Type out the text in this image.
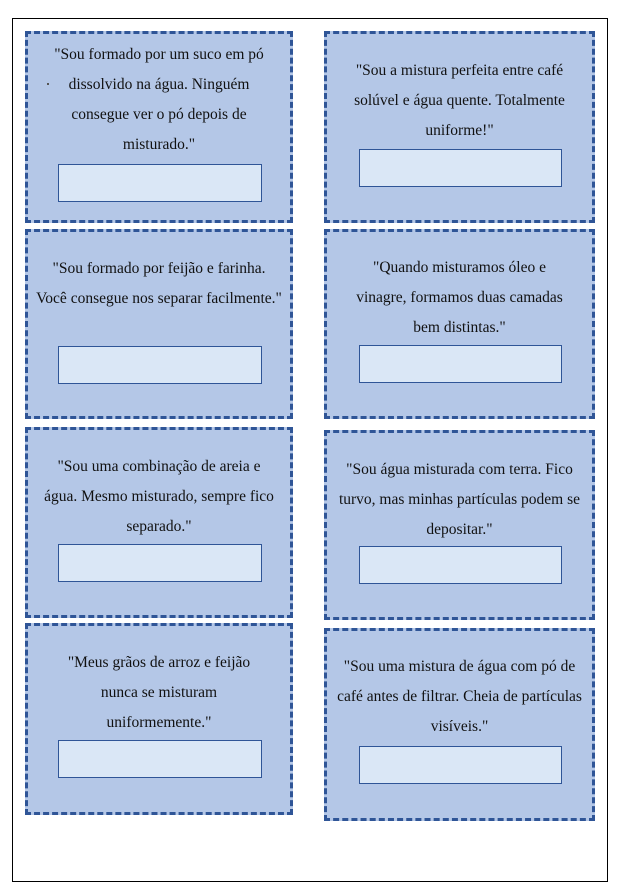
"Sou formado por um suco em pó dissolvido na água. Ninguém consegue ver o pó depois de misturado."
"Sou a mistura perfeita entre café solúvel e água quente. Totalmente uniforme!"
"Sou formado por feijão e farinha. Você consegue nos separar facilmente."
"Quando misturamos óleo e vinagre, formamos duas camadas bem distintas."
"Sou uma combinação de areia e água. Mesmo misturado, sempre fico separado."
"Sou água misturada com terra. Fico turvo, mas minhas partículas podem se depositar."
"Meus grãos de arroz e feijão nunca se misturam uniformemente."
"Sou uma mistura de água com pó de café antes de filtrar. Cheia de partículas visíveis."
